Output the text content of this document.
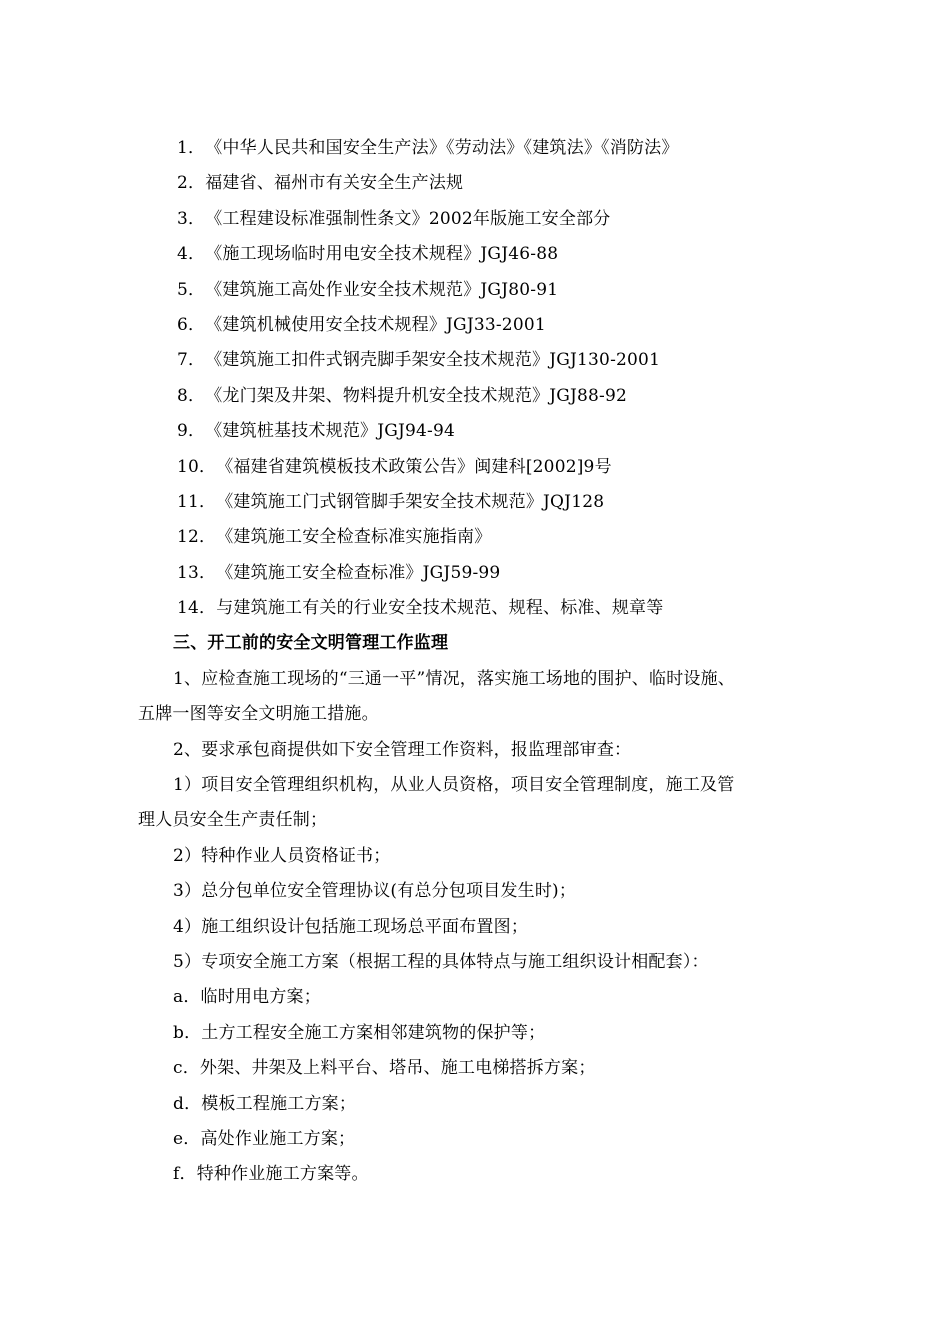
1．《中华人民共和国安全生产法》《劳动法》《建筑法》《消防法》
2．福建省、福州市有关安全生产法规
3．《工程建设标准强制性条文》2002年版施工安全部分
4．《施工现场临时用电安全技术规程》JGJ46-88
5．《建筑施工高处作业安全技术规范》JGJ80-91
6．《建筑机械使用安全技术规程》JGJ33-2001
7．《建筑施工扣件式钢壳脚手架安全技术规范》JGJ130-2001
8．《龙门架及井架、物料提升机安全技术规范》JGJ88-92
9．《建筑桩基技术规范》JGJ94-94
10．《福建省建筑模板技术政策公告》闽建科[2002]9号
11．《建筑施工门式钢管脚手架安全技术规范》JQJ128
12．《建筑施工安全检查标准实施指南》
13．《建筑施工安全检查标准》JGJ59-99
14．与建筑施工有关的行业安全技术规范、规程、标准、规章等
三、开工前的安全文明管理工作监理
1、应检查施工现场的“三通一平”情况，落实施工场地的围护、临时设施、
五牌一图等安全文明施工措施。
2、要求承包商提供如下安全管理工作资料，报监理部审查：
1）项目安全管理组织机构，从业人员资格，项目安全管理制度，施工及管
理人员安全生产责任制；
2）特种作业人员资格证书；
3）总分包单位安全管理协议(有总分包项目发生时)；
4）施工组织设计包括施工现场总平面布置图；
5）专项安全施工方案（根据工程的具体特点与施工组织设计相配套）：
a．临时用电方案；
b．土方工程安全施工方案相邻建筑物的保护等；
c．外架、井架及上料平台、塔吊、施工电梯搭拆方案；
d．模板工程施工方案；
e．高处作业施工方案；
f．特种作业施工方案等。
